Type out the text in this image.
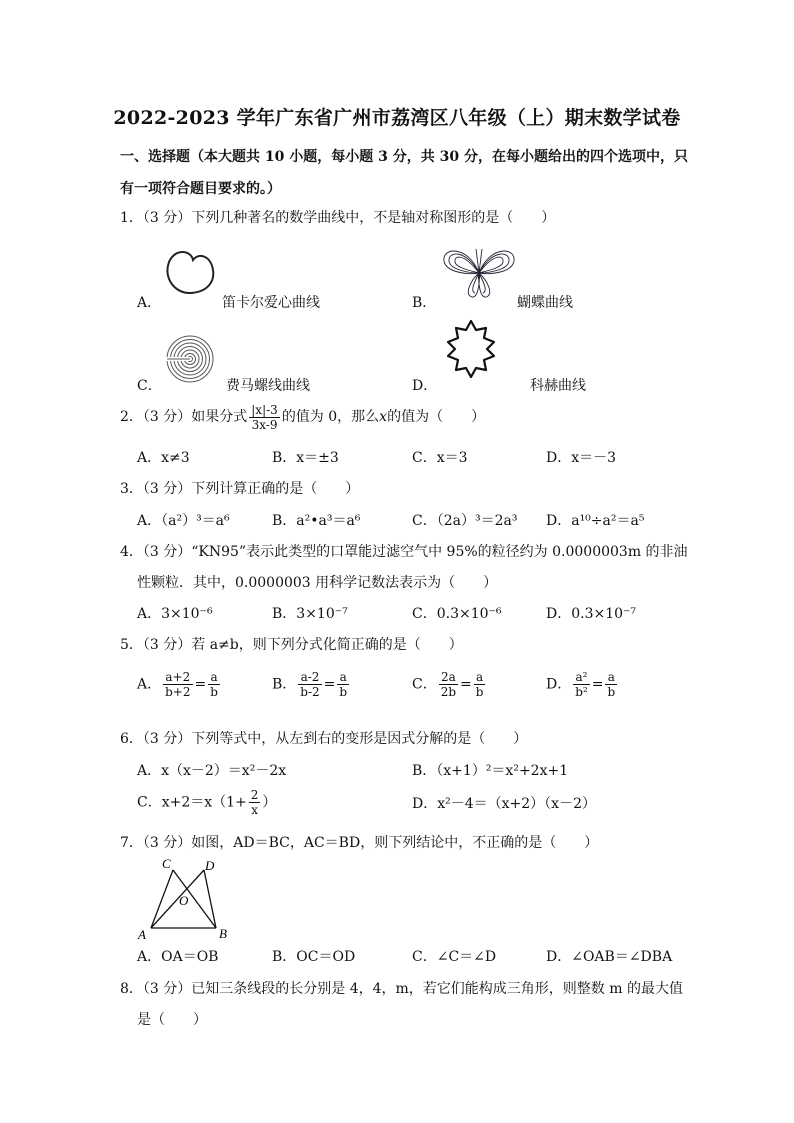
2022-2023 学年广东省广州市荔湾区八年级（上）期末数学试卷
一、选择题（本大题共 10 小题，每小题 3 分，共 30 分，在每小题给出的四个选项中，只
有一项符合题目要求的。）
1．（3 分）下列几种著名的数学曲线中，不是轴对称图形的是（　　）
A．	笛卡尔爱心曲线	B．	蝴蝶曲线
C．	费马螺线曲线	D．	科赫曲线
2．（3 分）如果分式 $\frac{|x|-3}{3x-9}$ 的值为 0，那么x的值为（　　）
A．x≠3	B．x＝±3	C．x＝3	D．x＝－3
3．（3 分）下列计算正确的是（　　）
A．（a²）³＝a⁶	B．a²•a³＝a⁶	C．（2a）³＝2a³ D．a¹⁰÷a²＝a⁵
4．（3 分）“KN95”表示此类型的口罩能过滤空气中 95%的粒径约为 0.0000003m 的非油
性颗粒．其中，0.0000003 用科学记数法表示为（　　）
A．3×10⁻⁶	B．3×10⁻⁷	C．0.3×10⁻⁶	D．0.3×10⁻⁷
5．（3 分）若 a≠b，则下列分式化简正确的是（　　）
A． $\frac{a+2}{b+2} = \frac{a}{b}$	B． $\frac{a-2}{b-2} = \frac{a}{b}$	C． $\frac{2a}{2b} = \frac{a}{b}$	D． $\frac{\text{a²}}{\text{b²}} = \frac{a}{b}$
6．（3 分）下列等式中，从左到右的变形是因式分解的是（　　）
A．x（x－2）＝x²－2x	B．（x+1）²＝x²+2x+1
C．$x+2=x(1+ \frac{2}{x}$ ）	D．x²－4＝（x+2）（x－2）
7．（3 分）如图，AD＝BC，AC＝BD，则下列结论中，不正确的是（　　）
C	D
O
A	B
A．OA＝OB	B．OC＝OD	C．∠C＝∠D	D．∠OAB＝∠DBA
8．（3 分）已知三条线段的长分别是 4，4，m，若它们能构成三角形，则整数 m 的最大值
是（　　）
